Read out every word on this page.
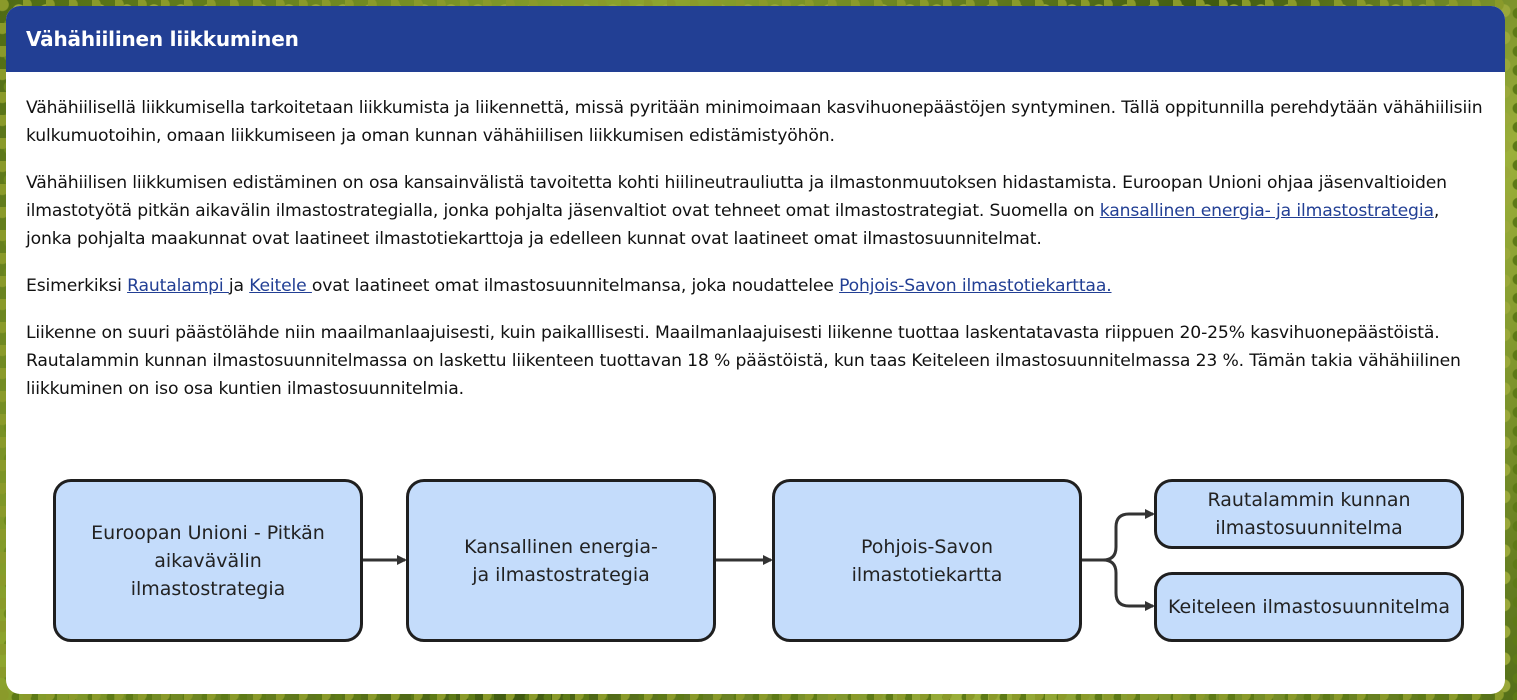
Vähähiilinen liikkuminen

Vähähiilisellä liikkumisella tarkoitetaan liikkumista ja liikennettä, missä pyritään minimoimaan kasvihuonepäästöjen syntyminen. Tällä oppitunnilla perehdytään vähähiilisiin kulkumuotoihin, omaan liikkumiseen ja oman kunnan vähähiilisen liikkumisen edistämistyöhön.

Vähähiilisen liikkumisen edistäminen on osa kansainvälistä tavoitetta kohti hiilineutrauliutta ja ilmastonmuutoksen hidastamista. Euroopan Unioni ohjaa jäsenvaltioiden ilmastotyötä pitkän aikavälin ilmastostrategialla, jonka pohjalta jäsenvaltiot ovat tehneet omat ilmastostrategiat. Suomella on kansallinen energia- ja ilmastostrategia, jonka pohjalta maakunnat ovat laatineet ilmastotiekarttoja ja edelleen kunnat ovat laatineet omat ilmastosuunnitelmat.

Esimerkiksi Rautalampi ja Keitele ovat laatineet omat ilmastosuunnitelmansa, joka noudattelee Pohjois-Savon ilmastotiekarttaa.

Liikenne on suuri päästölähde niin maailmanlaajuisesti, kuin paikalllisesti. Maailmanlaajuisesti liikenne tuottaa laskentatavasta riippuen 20-25% kasvihuonepäästöistä. Rautalammin kunnan ilmastosuunnitelmassa on laskettu liikenteen tuottavan 18 % päästöistä, kun taas Keiteleen ilmastosuunnitelmassa 23 %. Tämän takia vähähiilinen liikkuminen on iso osa kuntien ilmastosuunnitelmia.

Euroopan Unioni - Pitkän aikavävälin ilmastostrategia
Kansallinen energia- ja ilmastostrategia
Pohjois-Savon ilmastotiekartta
Rautalammin kunnan ilmastosuunnitelma
Keiteleen ilmastosuunnitelma
